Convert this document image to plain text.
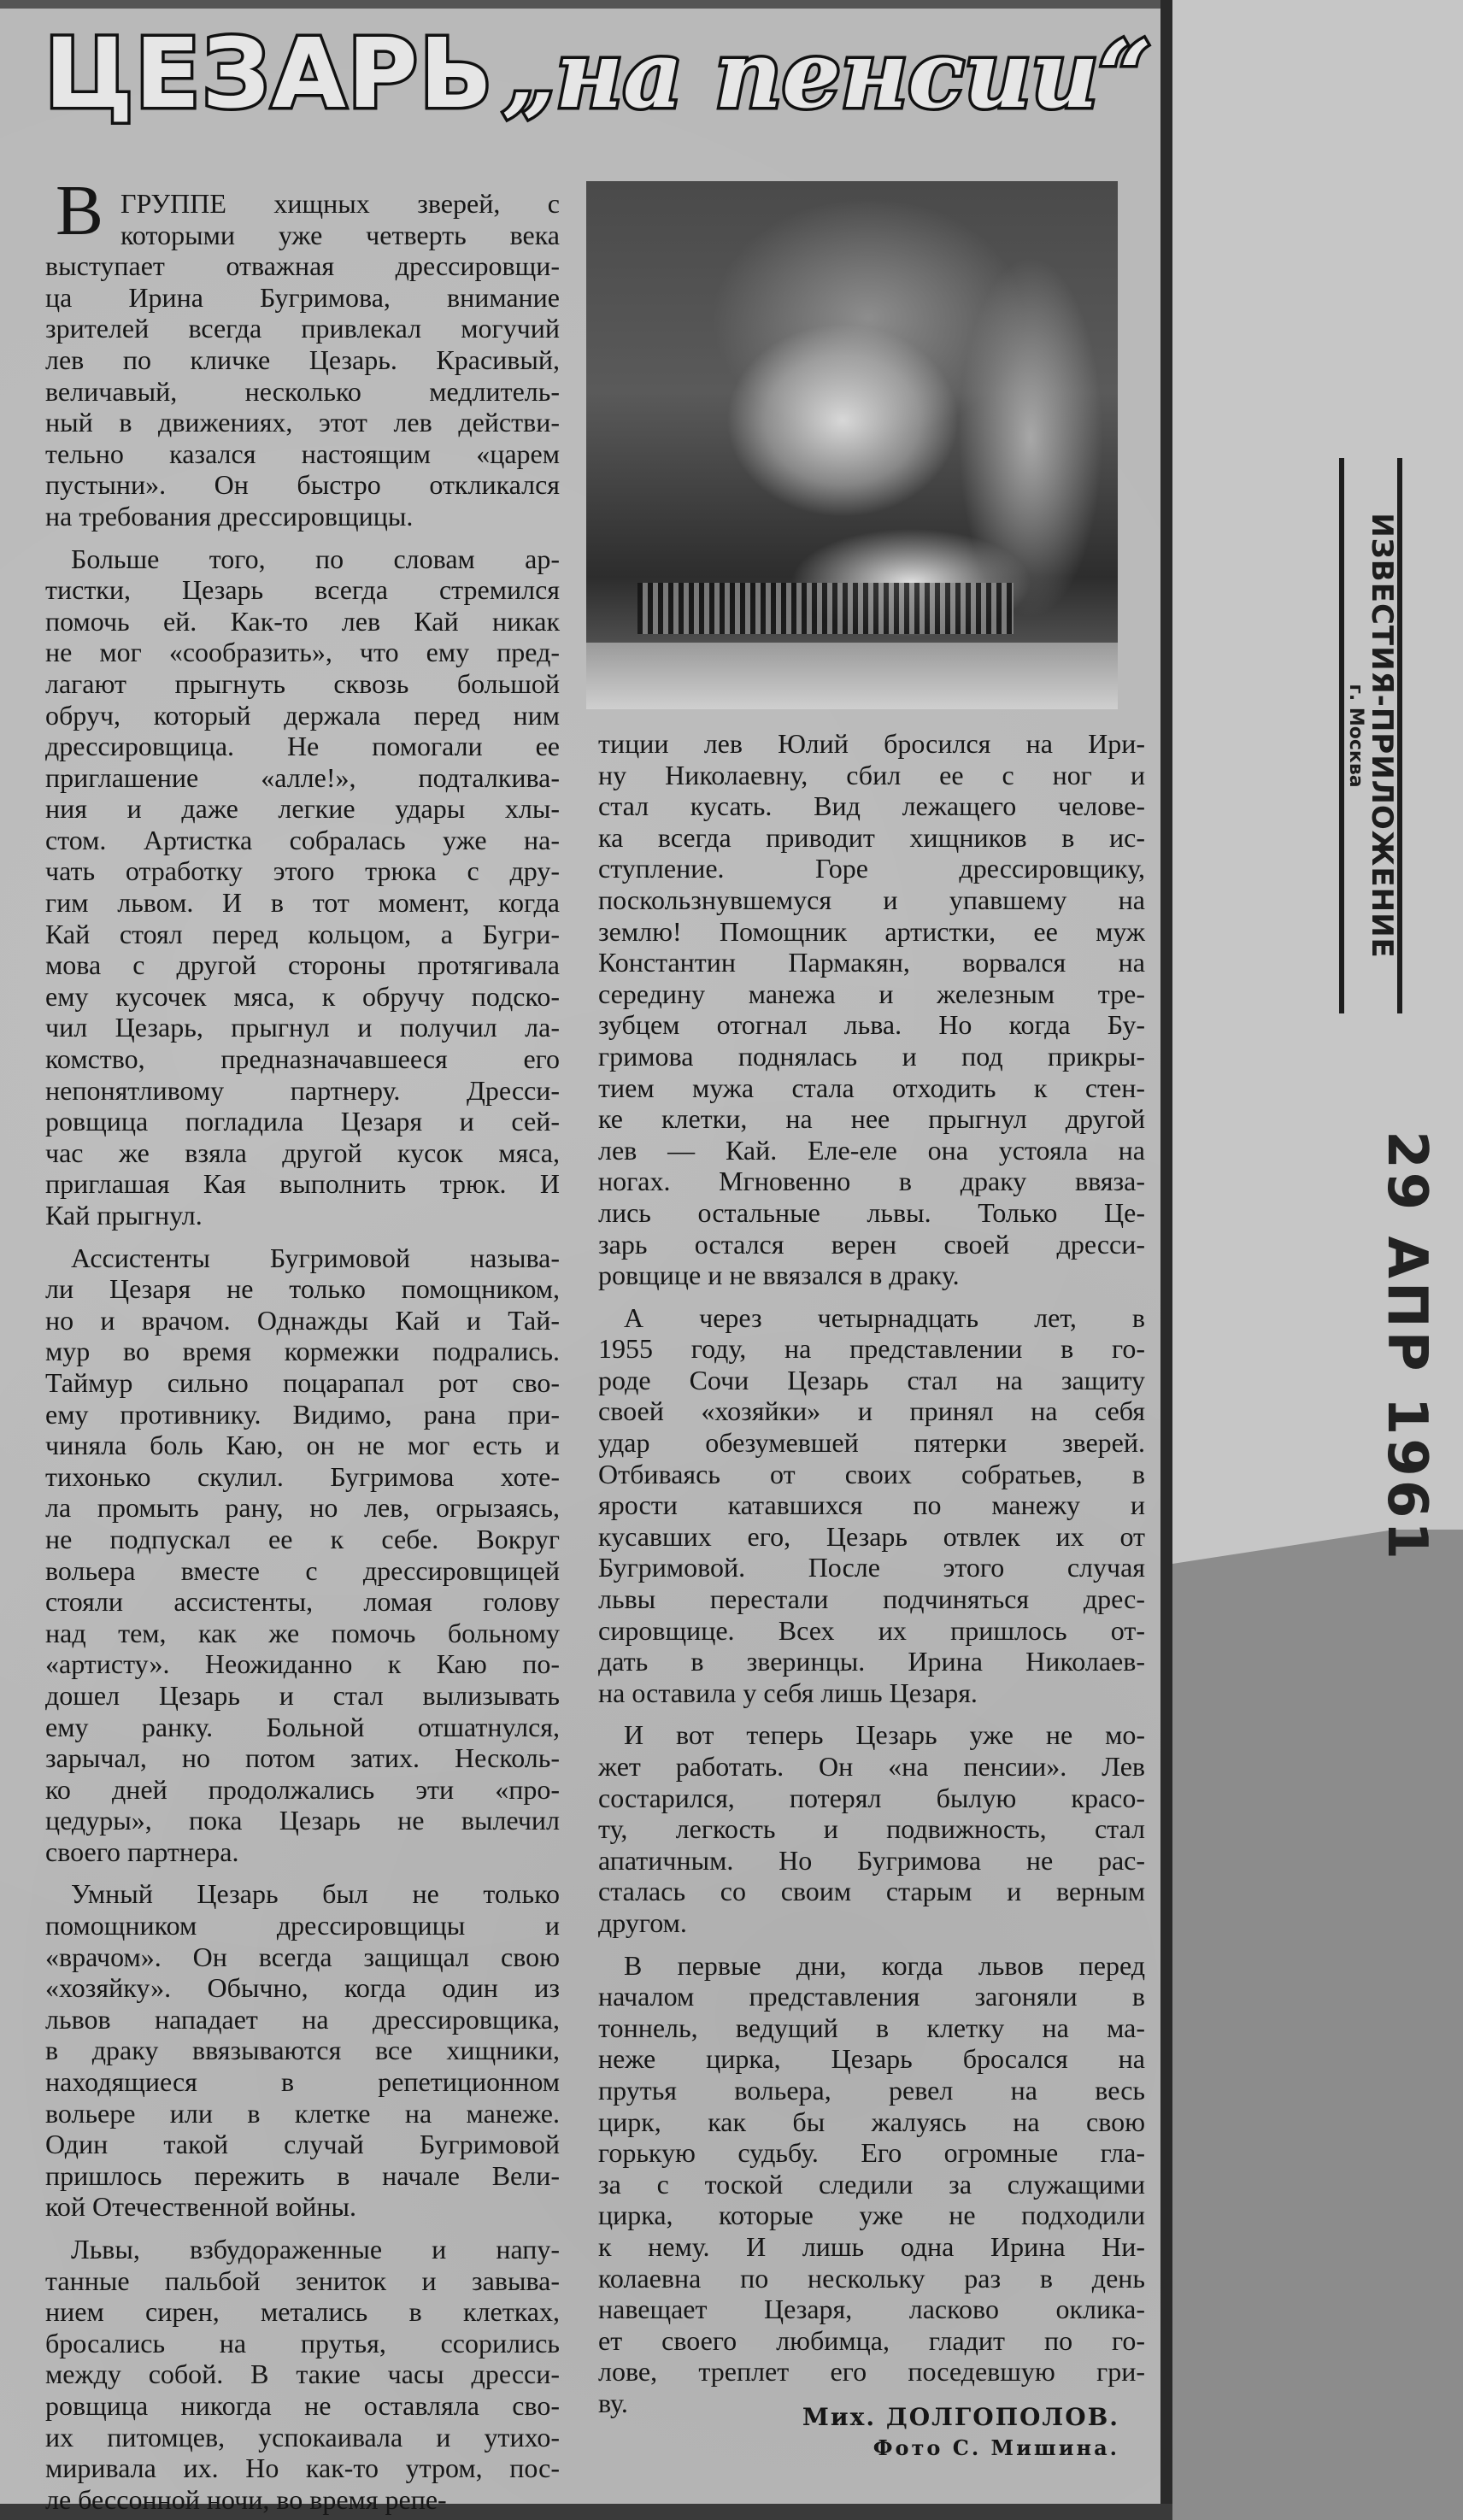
ЦЕЗАРЬ„на пенсии“
В ГРУППЕ хищных зверей, с
которыми уже четверть века
выступает отважная дрессировщи-
ца Ирина Бугримова, внимание
зрителей всегда привлекал могучий
лев по кличке Цезарь. Красивый,
величавый, несколько медлитель-
ный в движениях, этот лев действи-
тельно казался настоящим «царем
пустыни». Он быстро откликался
на требования дрессировщицы.
Больше того, по словам ар-
тистки, Цезарь всегда стремился
помочь ей. Как-то лев Кай никак
не мог «сообразить», что ему пред-
лагают прыгнуть сквозь большой
обруч, который держала перед ним
дрессировщица. Не помогали ее
приглашение «алле!», подталкива-
ния и даже легкие удары хлы-
стом. Артистка собралась уже на-
чать отработку этого трюка с дру-
гим львом. И в тот момент, когда
Кай стоял перед кольцом, а Бугри-
мова с другой стороны протягивала
ему кусочек мяса, к обручу подско-
чил Цезарь, прыгнул и получил ла-
комство, предназначавшееся его
непонятливому партнеру. Дресси-
ровщица погладила Цезаря и сей-
час же взяла другой кусок мяса,
приглашая Кая выполнить трюк. И
Кай прыгнул.
Ассистенты Бугримовой называ-
ли Цезаря не только помощником,
но и врачом. Однажды Кай и Тай-
мур во время кормежки подрались.
Таймур сильно поцарапал рот сво-
ему противнику. Видимо, рана при-
чиняла боль Каю, он не мог есть и
тихонько скулил. Бугримова хоте-
ла промыть рану, но лев, огрызаясь,
не подпускал ее к себе. Вокруг
вольера вместе с дрессировщицей
стояли ассистенты, ломая голову
над тем, как же помочь больному
«артисту». Неожиданно к Каю по-
дошел Цезарь и стал вылизывать
ему ранку. Больной отшатнулся,
зарычал, но потом затих. Несколь-
ко дней продолжались эти «про-
цедуры», пока Цезарь не вылечил
своего партнера.
Умный Цезарь был не только
помощником дрессировщицы и
«врачом». Он всегда защищал свою
«хозяйку». Обычно, когда один из
львов нападает на дрессировщика,
в драку ввязываются все хищники,
находящиеся в репетиционном
вольере или в клетке на манеже.
Один такой случай Бугримовой
пришлось пережить в начале Вели-
кой Отечественной войны.
Львы, взбудораженные и напу-
танные пальбой зениток и завыва-
нием сирен, метались в клетках,
бросались на прутья, ссорились
между собой. В такие часы дресси-
ровщица никогда не оставляла сво-
их питомцев, успокаивала и утихо-
миривала их. Но как-то утром, пос-
ле бессонной ночи, во время репе-
тиции лев Юлий бросился на Ири-
ну Николаевну, сбил ее с ног и
стал кусать. Вид лежащего челове-
ка всегда приводит хищников в ис-
ступление. Горе дрессировщику,
поскользнувшемуся и упавшему на
землю! Помощник артистки, ее муж
Константин Пармакян, ворвался на
середину манежа и железным тре-
зубцем отогнал льва. Но когда Бу-
гримова поднялась и под прикры-
тием мужа стала отходить к стен-
ке клетки, на нее прыгнул другой
лев — Кай. Еле-еле она устояла на
ногах. Мгновенно в драку ввяза-
лись остальные львы. Только Це-
зарь остался верен своей дресси-
ровщице и не ввязался в драку.
А через четырнадцать лет, в
1955 году, на представлении в го-
роде Сочи Цезарь стал на защиту
своей «хозяйки» и принял на себя
удар обезумевшей пятерки зверей.
Отбиваясь от своих собратьев, в
ярости катавшихся по манежу и
кусавших его, Цезарь отвлек их от
Бугримовой. После этого случая
львы перестали подчиняться дрес-
сировщице. Всех их пришлось от-
дать в зверинцы. Ирина Николаев-
на оставила у себя лишь Цезаря.
И вот теперь Цезарь уже не мо-
жет работать. Он «на пенсии». Лев
состарился, потерял былую красо-
ту, легкость и подвижность, стал
апатичным. Но Бугримова не рас-
сталась со своим старым и верным
другом.
В первые дни, когда львов перед
началом представления загоняли в
тоннель, ведущий в клетку на ма-
неже цирка, Цезарь бросался на
прутья вольера, ревел на весь
цирк, как бы жалуясь на свою
горькую судьбу. Его огромные гла-
за с тоской следили за служащими
цирка, которые уже не подходили
к нему. И лишь одна Ирина Ни-
колаевна по нескольку раз в день
навещает Цезаря, ласково оклика-
ет своего любимца, гладит по го-
лове, треплет его поседевшую гри-
ву.	Мих. ДОЛГОПОЛОВ.
Фото С. Мишина.
ИЗВЕСТИЯ-ПРИЛОЖЕНИЕ
г. Москва
29 АПР 1961
